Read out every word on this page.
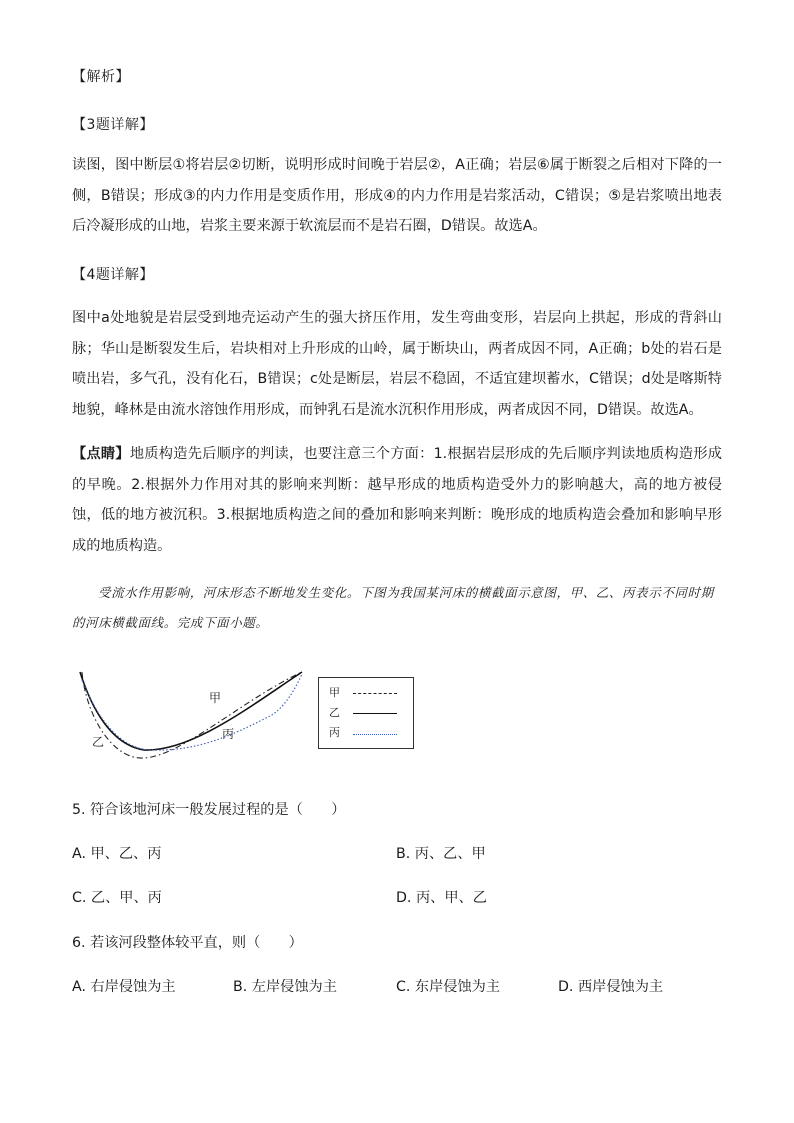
【解析】
【3题详解】
读图，图中断层①将岩层②切断，说明形成时间晚于岩层②，A正确；岩层⑥属于断裂之后相对下降的一侧，B错误；形成③的内力作用是变质作用，形成④的内力作用是岩浆活动，C错误；⑤是岩浆喷出地表后冷凝形成的山地，岩浆主要来源于软流层而不是岩石圈，D错误。故选A。
【4题详解】
图中a处地貌是岩层受到地壳运动产生的强大挤压作用，发生弯曲变形，岩层向上拱起，形成的背斜山脉；华山是断裂发生后，岩块相对上升形成的山岭，属于断块山，两者成因不同，A正确；b处的岩石是喷出岩，多气孔，没有化石，B错误；c处是断层，岩层不稳固，不适宜建坝蓄水，C错误；d处是喀斯特地貌，峰林是由流水溶蚀作用形成，而钟乳石是流水沉积作用形成，两者成因不同，D错误。故选A。
【点睛】地质构造先后顺序的判读，也要注意三个方面：1.根据岩层形成的先后顺序判读地质构造形成的早晚。2.根据外力作用对其的影响来判断：越早形成的地质构造受外力的影响越大，高的地方被侵蚀，低的地方被沉积。3.根据地质构造之间的叠加和影响来判断：晚形成的地质构造会叠加和影响早形成的地质构造。
受流水作用影响，河床形态不断地发生变化。下图为我国某河床的横截面示意图，甲、乙、丙表示不同时期的河床横截面线。完成下面小题。
甲
乙
丙
甲
乙
丙
5. 符合该地河床一般发展过程的是（　　）
A. 甲、乙、丙	B. 丙、乙、甲
C. 乙、甲、丙	D. 丙、甲、乙
6. 若该河段整体较平直，则（　　）
A. 右岸侵蚀为主	B. 左岸侵蚀为主	C. 东岸侵蚀为主	D. 西岸侵蚀为主
